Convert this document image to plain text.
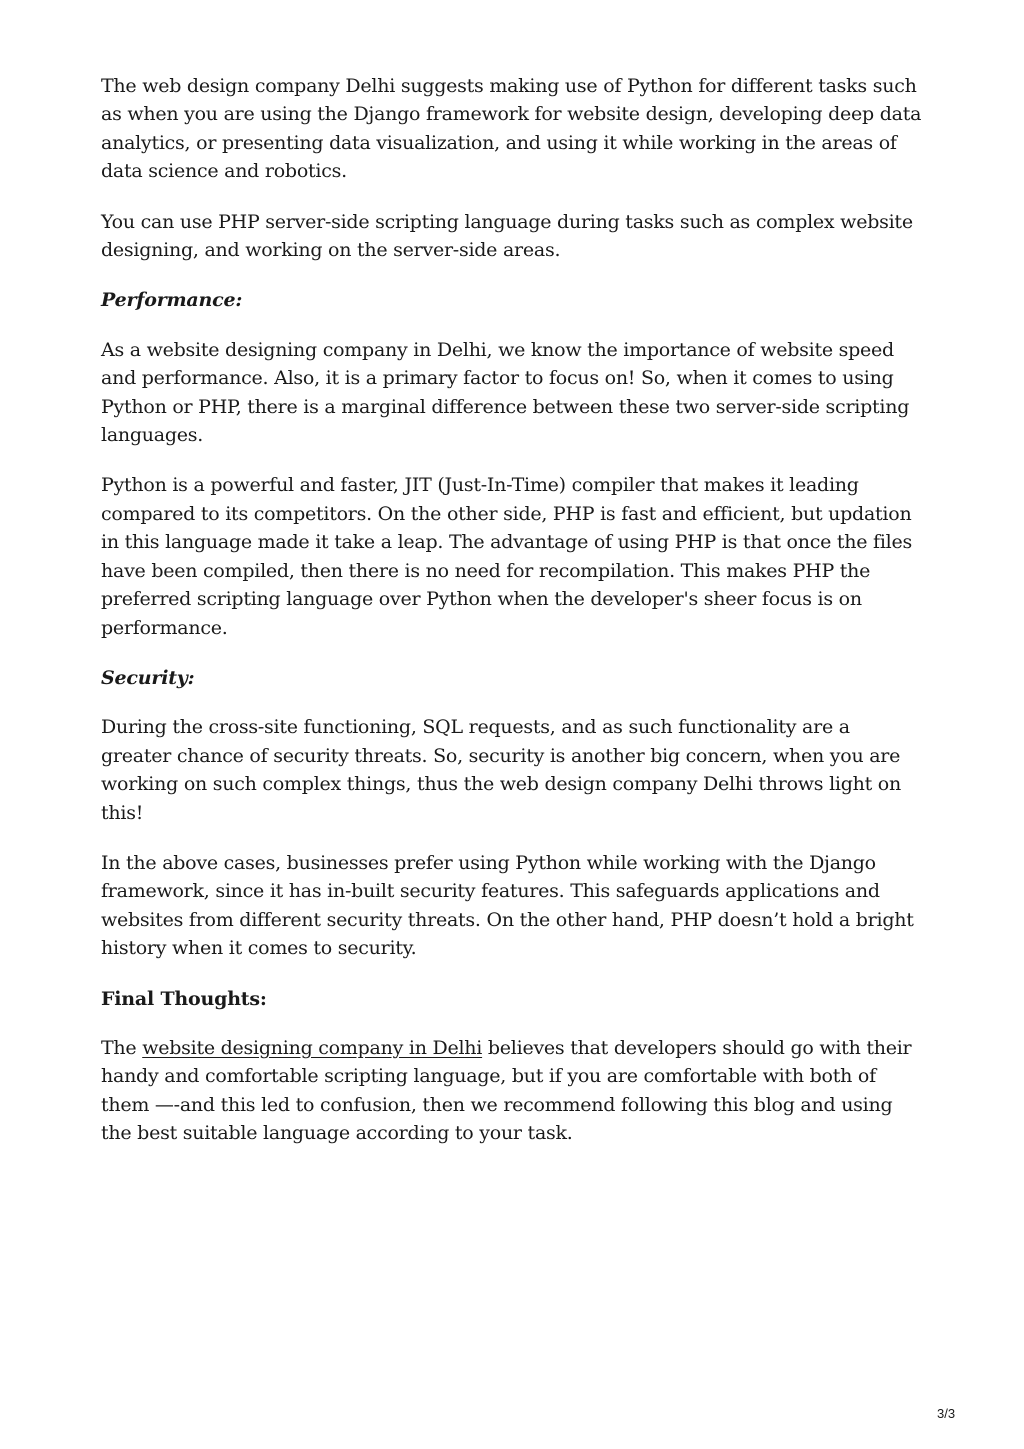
The web design company Delhi suggests making use of Python for different tasks such as when you are using the Django framework for website design, developing deep data analytics, or presenting data visualization, and using it while working in the areas of data science and robotics.

You can use PHP server-side scripting language during tasks such as complex website designing, and working on the server-side areas.

Performance:

As a website designing company in Delhi, we know the importance of website speed and performance. Also, it is a primary factor to focus on! So, when it comes to using Python or PHP, there is a marginal difference between these two server-side scripting languages.

Python is a powerful and faster, JIT (Just-In-Time) compiler that makes it leading compared to its competitors. On the other side, PHP is fast and efficient, but updation in this language made it take a leap. The advantage of using PHP is that once the files have been compiled, then there is no need for recompilation. This makes PHP the preferred scripting language over Python when the developer's sheer focus is on performance.

Security:

During the cross-site functioning, SQL requests, and as such functionality are a greater chance of security threats. So, security is another big concern, when you are working on such complex things, thus the web design company Delhi throws light on this!

In the above cases, businesses prefer using Python while working with the Django framework, since it has in-built security features. This safeguards applications and websites from different security threats. On the other hand, PHP doesn’t hold a bright history when it comes to security.

Final Thoughts:

The website designing company in Delhi believes that developers should go with their handy and comfortable scripting language, but if you are comfortable with both of them —-and this led to confusion, then we recommend following this blog and using the best suitable language according to your task.

3/3
